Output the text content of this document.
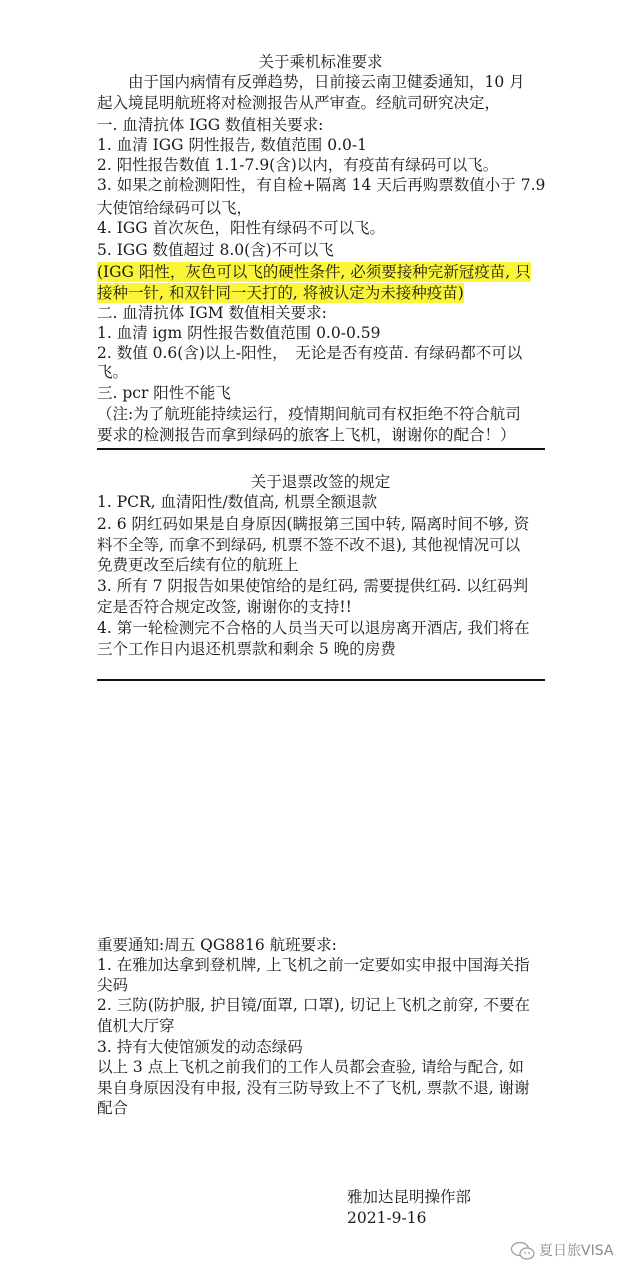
关于乘机标准要求
　　由于国内病情有反弹趋势，日前接云南卫健委通知，10 月
起入境昆明航班将对检测报告从严审查。经航司研究决定，
一. 血清抗体 IGG 数值相关要求:
1. 血清 IGG 阴性报告, 数值范围 0.0-1
2. 阳性报告数值 1.1-7.9(含)以内，有疫苗有绿码可以飞。
3. 如果之前检测阳性，有自检+隔离 14 天后再购票数值小于 7.9
大使馆给绿码可以飞，
4. IGG 首次灰色，阳性有绿码不可以飞。
5. IGG 数值超过 8.0(含)不可以飞
(IGG 阳性，灰色可以飞的硬性条件, 必须要接种完新冠疫苗, 只
接种一针, 和双针同一天打的, 将被认定为未接种疫苗)
二. 血清抗体 IGM 数值相关要求:
1. 血清 igm 阴性报告数值范围 0.0-0.59
2. 数值 0.6(含)以上-阳性，　无论是否有疫苗. 有绿码都不可以
飞。
三. pcr 阳性不能飞
（注:为了航班能持续运行，疫情期间航司有权拒绝不符合航司
要求的检测报告而拿到绿码的旅客上飞机，谢谢你的配合！）
关于退票改签的规定
1. PCR, 血清阳性/数值高, 机票全额退款
2. 6 阴红码如果是自身原因(瞒报第三国中转, 隔离时间不够, 资
料不全等, 而拿不到绿码, 机票不签不改不退), 其他视情况可以
免费更改至后续有位的航班上
3. 所有 7 阴报告如果使馆给的是红码, 需要提供红码. 以红码判
定是否符合规定改签, 谢谢你的支持!!
4. 第一轮检测完不合格的人员当天可以退房离开酒店, 我们将在
三个工作日内退还机票款和剩余 5 晚的房费
重要通知:周五 QG8816 航班要求:
1. 在雅加达拿到登机牌, 上飞机之前一定要如实申报中国海关指
尖码
2. 三防(防护服, 护目镜/面罩, 口罩), 切记上飞机之前穿, 不要在
值机大厅穿
3. 持有大使馆颁发的动态绿码
以上 3 点上飞机之前我们的工作人员都会查验, 请给与配合, 如
果自身原因没有申报, 没有三防导致上不了飞机, 票款不退, 谢谢
配合
雅加达昆明操作部
2021-9-16
夏日旅VISA
